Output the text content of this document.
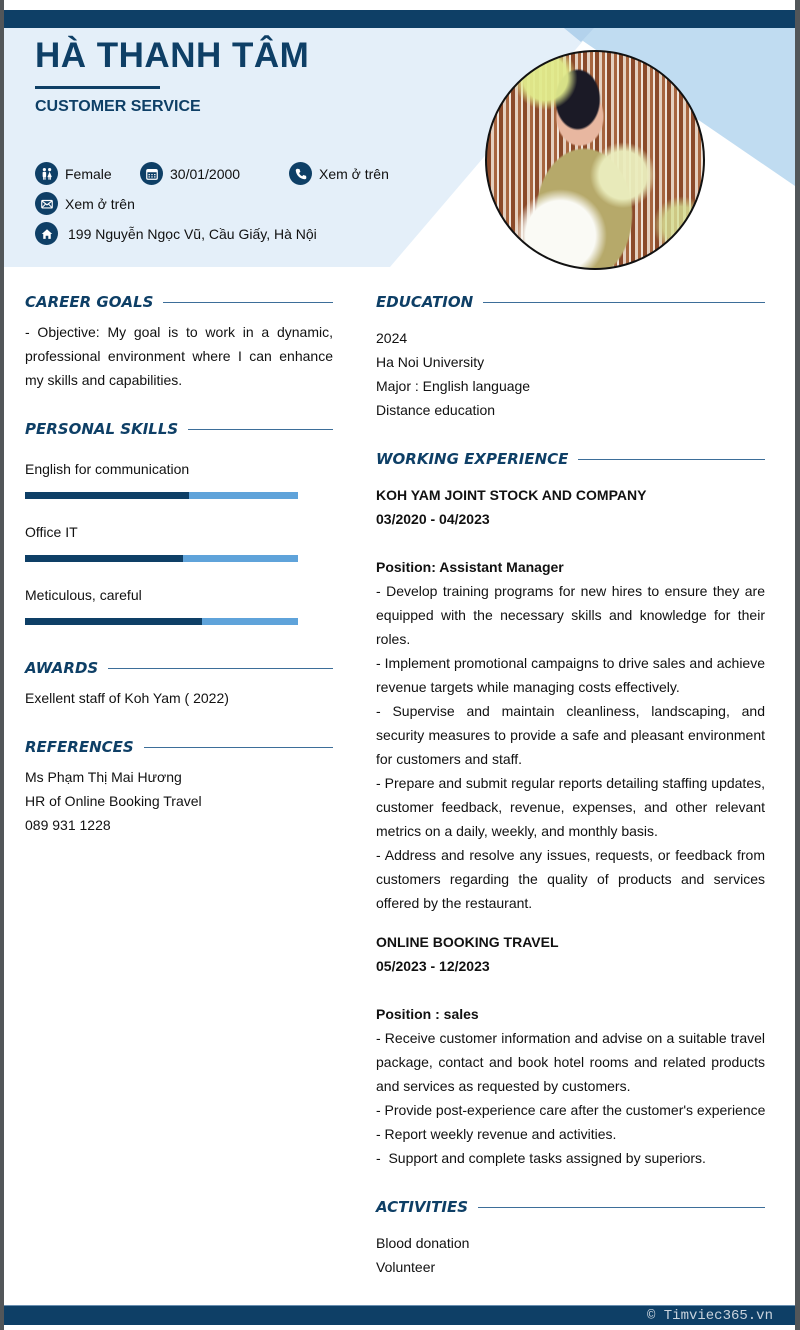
HÀ THANH TÂM
CUSTOMER SERVICE
Female	30/01/2000	Xem ở trên
Xem ở trên
199 Nguyễn Ngọc Vũ, Cầu Giấy, Hà Nội
CAREER GOALS
- Objective: My goal is to work in a dynamic, professional environment where I can enhance my skills and capabilities.
PERSONAL SKILLS
English for communication
Office IT
Meticulous, careful
AWARDS
Exellent staff of Koh Yam ( 2022)
REFERENCES
Ms Phạm Thị Mai Hương
HR of Online Booking Travel
089 931 1228
EDUCATION
2024
Ha Noi University
Major : English language
Distance education
WORKING EXPERIENCE
KOH YAM JOINT STOCK AND COMPANY
03/2020 - 04/2023
Position: Assistant Manager
- Develop training programs for new hires to ensure they are equipped with the necessary skills and knowledge for their roles.
- Implement promotional campaigns to drive sales and achieve revenue targets while managing costs effectively.
- Supervise and maintain cleanliness, landscaping, and security measures to provide a safe and pleasant environment for customers and staff.
- Prepare and submit regular reports detailing staffing updates, customer feedback, revenue, expenses, and other relevant metrics on a daily, weekly, and monthly basis.
- Address and resolve any issues, requests, or feedback from customers regarding the quality of products and services offered by the restaurant.
ONLINE BOOKING TRAVEL
05/2023 - 12/2023
Position : sales
- Receive customer information and advise on a suitable travel package, contact and book hotel rooms and related products and services as requested by customers.
- Provide post-experience care after the customer's experience
- Report weekly revenue and activities.
-  Support and complete tasks assigned by superiors.
ACTIVITIES
Blood donation
Volunteer
© Timviec365.vn
